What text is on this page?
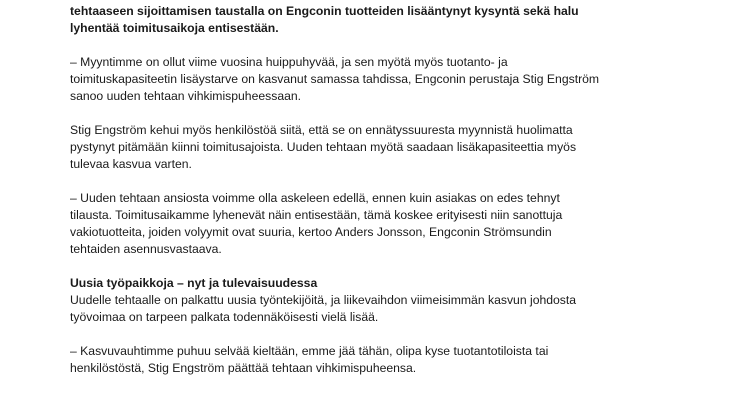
tehtaaseen sijoittamisen taustalla on Engconin tuotteiden lisääntynyt kysyntä sekä halu
lyhentää toimitusaikoja entisestään.

– Myyntimme on ollut viime vuosina huippuhyvää, ja sen myötä myös tuotanto- ja
toimituskapasiteetin lisäystarve on kasvanut samassa tahdissa, Engconin perustaja Stig Engström
sanoo uuden tehtaan vihkimispuheessaan.

Stig Engström kehui myös henkilöstöä siitä, että se on ennätyssuuresta myynnistä huolimatta
pystynyt pitämään kiinni toimitusajoista. Uuden tehtaan myötä saadaan lisäkapasiteettia myös
tulevaa kasvua varten.

– Uuden tehtaan ansiosta voimme olla askeleen edellä, ennen kuin asiakas on edes tehnyt
tilausta. Toimitusaikamme lyhenevät näin entisestään, tämä koskee erityisesti niin sanottuja
vakiotuotteita, joiden volyymit ovat suuria, kertoo Anders Jonsson, Engconin Strömsundin
tehtaiden asennusvastaava.

Uusia työpaikkoja – nyt ja tulevaisuudessa

Uudelle tehtaalle on palkattu uusia työntekijöitä, ja liikevaihdon viimeisimmän kasvun johdosta
työvoimaa on tarpeen palkata todennäköisesti vielä lisää.

– Kasvuvauhtimme puhuu selvää kieltään, emme jää tähän, olipa kyse tuotantotiloista tai
henkilöstöstä, Stig Engström päättää tehtaan vihkimispuheensa.
